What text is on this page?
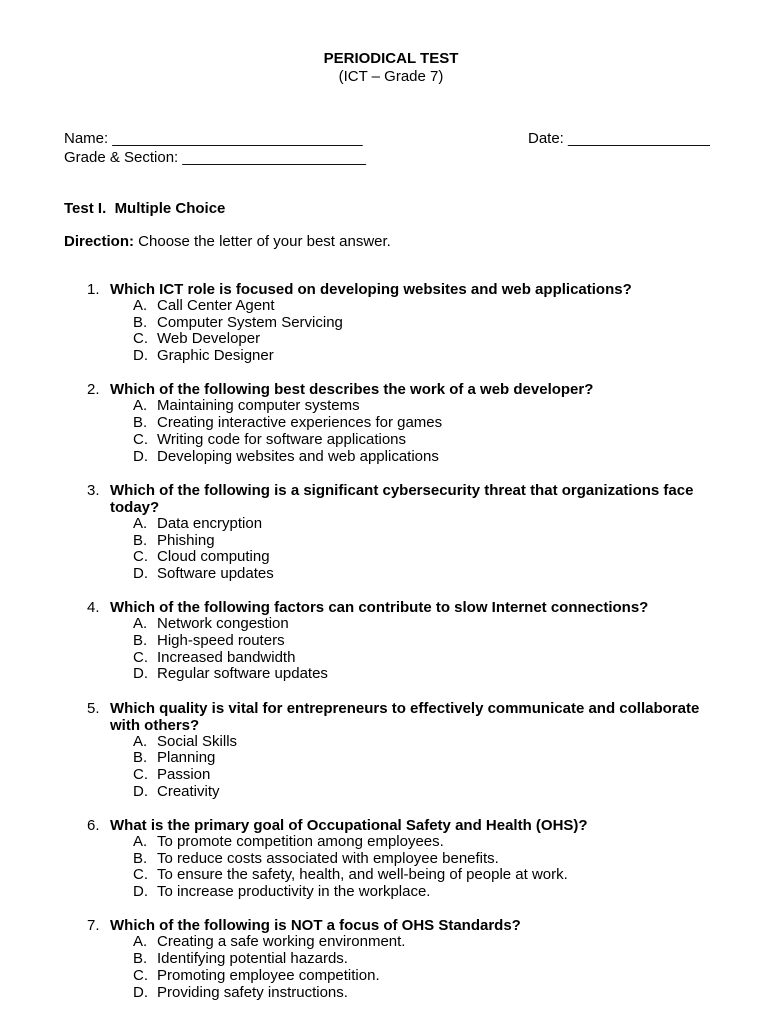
PERIODICAL TEST
(ICT – Grade 7)
Name: ______________________________	Date: _________________
Grade & Section: ______________________
Test I.  Multiple Choice
Direction: Choose the letter of your best answer.
1. Which ICT role is focused on developing websites and web applications?
A. Call Center Agent
B. Computer System Servicing
C. Web Developer
D. Graphic Designer
2. Which of the following best describes the work of a web developer?
A. Maintaining computer systems
B. Creating interactive experiences for games
C. Writing code for software applications
D. Developing websites and web applications
3. Which of the following is a significant cybersecurity threat that organizations face today?
A. Data encryption
B. Phishing
C. Cloud computing
D. Software updates
4. Which of the following factors can contribute to slow Internet connections?
A. Network congestion
B. High-speed routers
C. Increased bandwidth
D. Regular software updates
5. Which quality is vital for entrepreneurs to effectively communicate and collaborate with others?
A. Social Skills
B. Planning
C. Passion
D. Creativity
6. What is the primary goal of Occupational Safety and Health (OHS)?
A. To promote competition among employees.
B. To reduce costs associated with employee benefits.
C. To ensure the safety, health, and well-being of people at work.
D. To increase productivity in the workplace.
7. Which of the following is NOT a focus of OHS Standards?
A. Creating a safe working environment.
B. Identifying potential hazards.
C. Promoting employee competition.
D. Providing safety instructions.
